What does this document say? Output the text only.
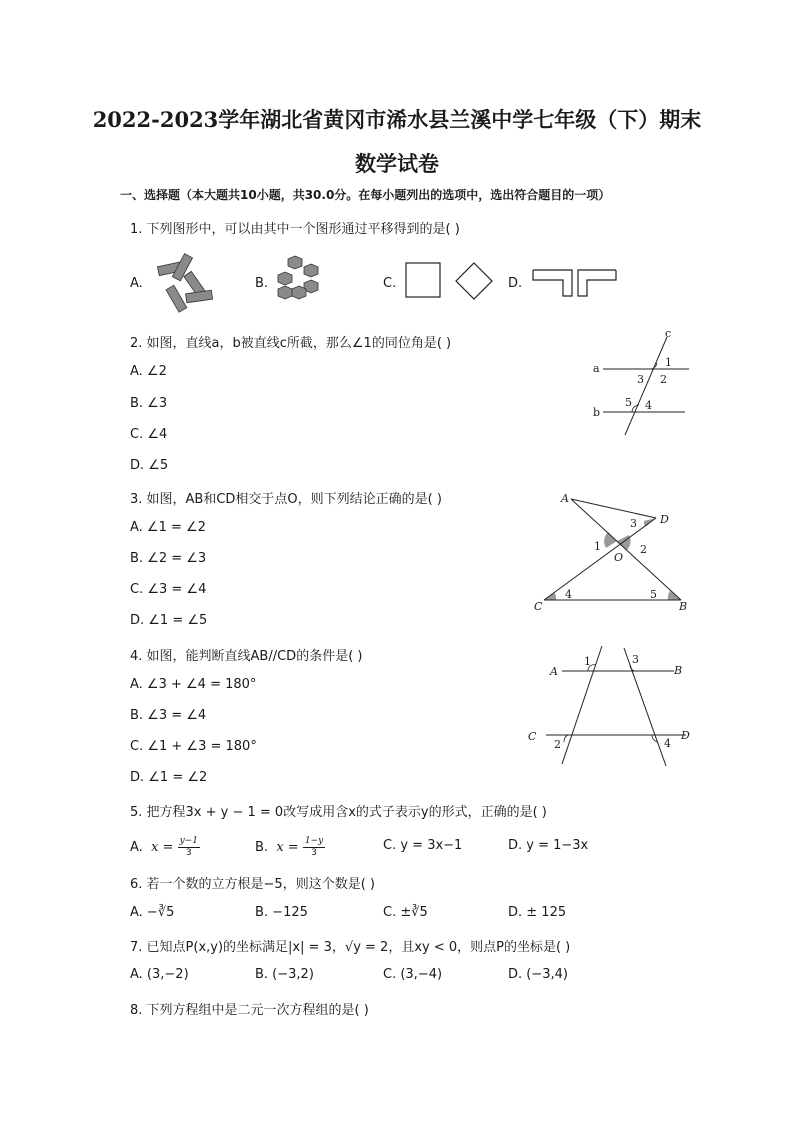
2022-2023学年湖北省黄冈市浠水县兰溪中学七年级（下）期末
数学试卷
一、选择题（本大题共10小题，共30.0分。在每小题列出的选项中，选出符合题目的一项）
1. 下列图形中，可以由其中一个图形通过平移得到的是( )
A.	B.	C.	D.
2. 如图，直线a，b被直线c所截，那么∠1的同位角是( )
A. ∠2
B. ∠3
C. ∠4
D. ∠5
a
b
c
1
2
3
4
5
3. 如图，AB和CD相交于点O，则下列结论正确的是( )
A. ∠1 = ∠2
B. ∠2 = ∠3
C. ∠3 = ∠4
D. ∠1 = ∠5
A
D
C	B
O
1	2
3
4	5
4. 如图，能判断直线AB//CD的条件是( )
A. ∠3 + ∠4 = 180°
B. ∠3 = ∠4
C. ∠1 + ∠3 = 180°
D. ∠1 = ∠2
A	B
C	D
1	3
2	4
5. 把方程3x + y − 1 = 0改写成用含x的式子表示y的形式，正确的是( )
A. $x = \frac{y-1}{3}$	B. $x = \frac{1-y}{3}$	C. y = 3x−1	D. y = 1−3x
6. 若一个数的立方根是−5，则这个数是( )
A. −∛5	B. −125	C. ±∛5	D. ± 125
7. 已知点P(x,y)的坐标满足|x| = 3，√y = 2，且xy < 0，则点P的坐标是( )
A. (3,−2)	B. (−3,2)	C. (3,−4)	D. (−3,4)
8. 下列方程组中是二元一次方程组的是( )
